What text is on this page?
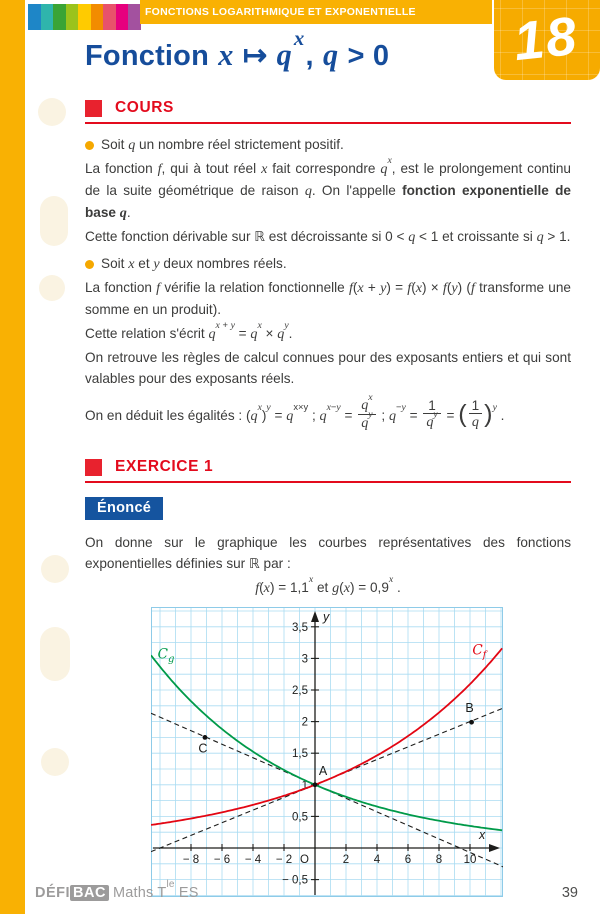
FONCTIONS LOGARITHMIQUE ET EXPONENTIELLE 18
Fonction x ↦ $q^x$, q > 0
COURS

Soit q un nombre réel strictement positif.

La fonction f, qui à tout réel x fait correspondre $q^x$, est le prolongement continu de la suite géométrique de raison q. On l'appelle fonction exponentielle de base q.

Cette fonction dérivable sur ℝ est décroissante si 0 < q < 1 et croissante si q > 1.

Soit x et y deux nombres réels.

La fonction f vérifie la relation fonctionnelle f(x + y) = f(x) × f(y) (f transforme une somme en un produit).

Cette relation s'écrit $q^{x + y} = q^x \times q^y$.

On retrouve les règles de calcul connues pour des exposants entiers et qui sont valables pour des exposants réels.

On en déduit les égalités : $(q^x)^y = q^{x\times y}$ ; $q^{x-y} = \frac{q^x}{q^y}$ ; $q^{-y} = \frac{1}{q^y}$ = ( $\frac{1}{q} )^y$ .

EXERCICE 1
Énoncé

On donne sur le graphique les courbes représentatives des fonctions exponentielles définies sur ℝ par :

$f(x) = 1,1^x$ et $g(x) = 0,9^x$ .

x
y
− 8 − 6 − 4 − 2	2 4 6 8 10
O
3,5
3
2,5
2
1,5
1
0,5
− 0,5
$C_f$
$C_g$
A
B
C
DÉFI BAC Maths $T^{le}$ ES	39
